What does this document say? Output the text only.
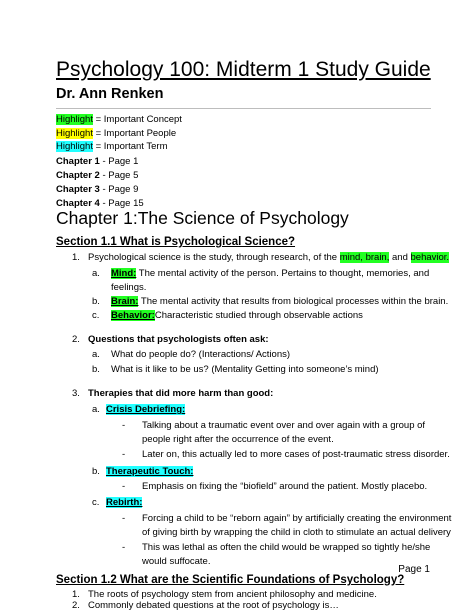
Psychology 100: Midterm 1 Study Guide
Dr. Ann Renken
Highlight = Important Concept
Highlight = Important People
Highlight = Important Term
Chapter 1 - Page 1
Chapter 2 - Page 5
Chapter 3 - Page 9
Chapter 4 - Page 15
Chapter 1:The Science of Psychology
Section 1.1 What is Psychological Science?
1. Psychological science is the study, through research, of the mind, brain, and behavior.
a. Mind: The mental activity of the person. Pertains to thought, memories, and
feelings.
b. Brain: The mental activity that results from biological processes within the brain.
c. Behavior:Characteristic studied through observable actions
2. Questions that psychologists often ask:
a. What do people do? (Interactions/ Actions)
b. What is it like to be us? (Mentality Getting into someone’s mind)
3. Therapies that did more harm than good:
a. Crisis Debriefing:
- Talking about a traumatic event over and over again with a group of
people right after the occurrence of the event.
- Later on, this actually led to more cases of post-traumatic stress disorder.
b. Therapeutic Touch:
- Emphasis on fixing the “biofield” around the patient. Mostly placebo.
c. Rebirth:
- Forcing a child to be “reborn again” by artificially creating the environment
of giving birth by wrapping the child in cloth to stimulate an actual delivery
- This was lethal as often the child would be wrapped so tightly he/she
would suffocate.
Section 1.2 What are the Scientific Foundations of Psychology?
1. The roots of psychology stem from ancient philosophy and medicine.
2. Commonly debated questions at the root of psychology is…
Page 1
